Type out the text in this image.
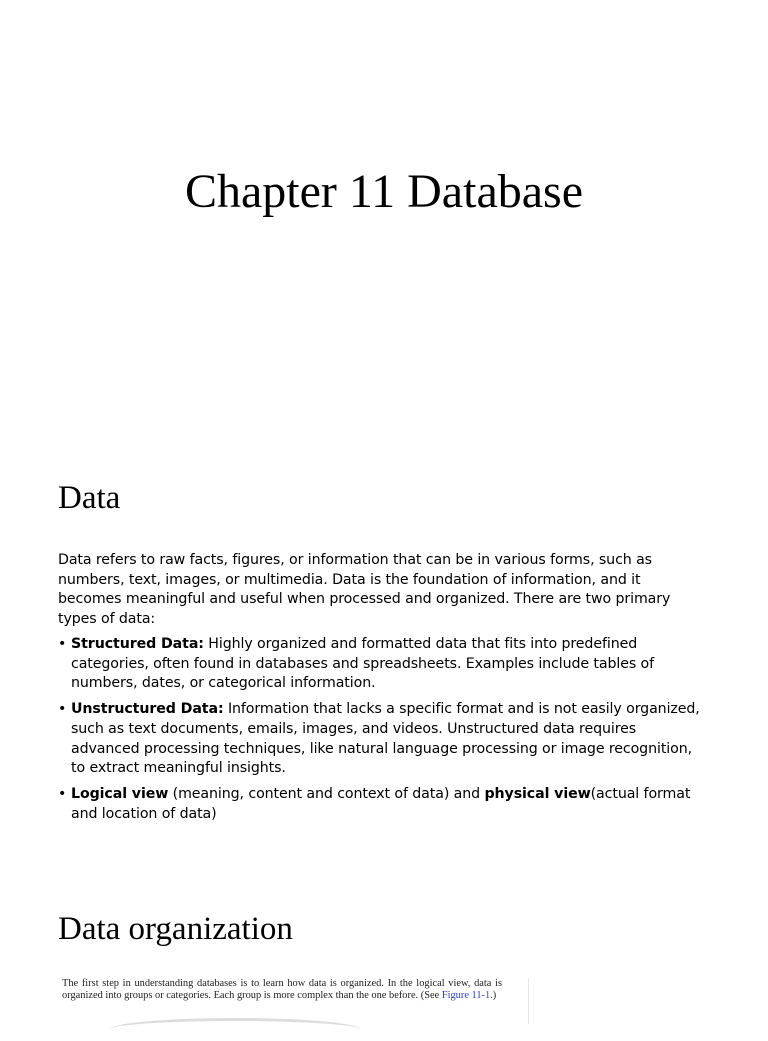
Chapter 11 Database
Data
Data refers to raw facts, figures, or information that can be in various forms, such as numbers, text, images, or multimedia. Data is the foundation of information, and it becomes meaningful and useful when processed and organized. There are two primary types of data:
• Structured Data: Highly organized and formatted data that fits into predefined categories, often found in databases and spreadsheets. Examples include tables of numbers, dates, or categorical information.
• Unstructured Data: Information that lacks a specific format and is not easily organized, such as text documents, emails, images, and videos. Unstructured data requires advanced processing techniques, like natural language processing or image recognition, to extract meaningful insights.
• Logical view (meaning, content and context of data) and physical view(actual format and location of data)
Data organization

The first step in understanding databases is to learn how data is organized. In the logical view, data is organized into groups or categories. Each group is more complex than the one before. (See Figure 11-1.)
